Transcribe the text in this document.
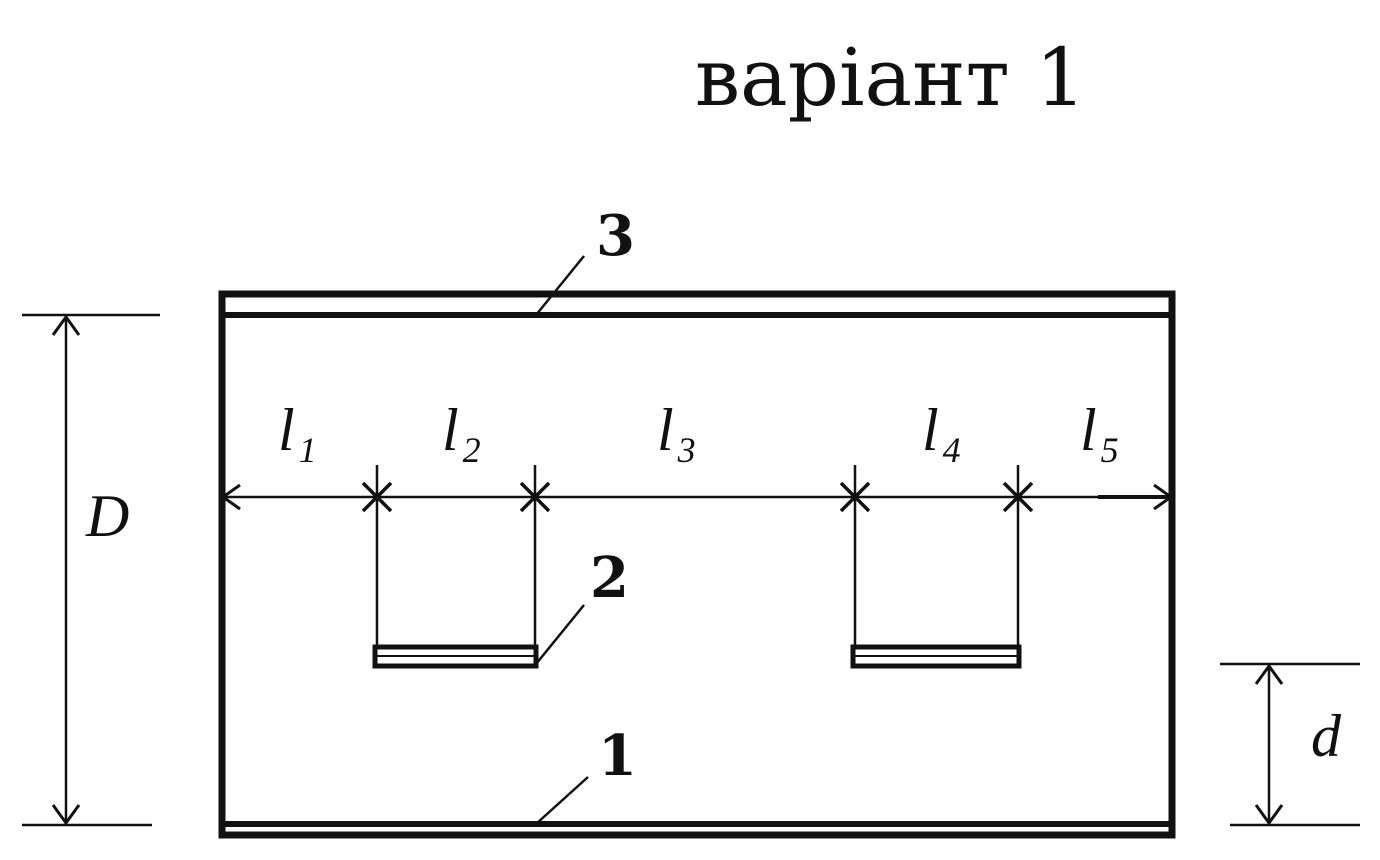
варіант 1
l 1 l 2	l 3	l 4 l 5
D
d
3
2
1
